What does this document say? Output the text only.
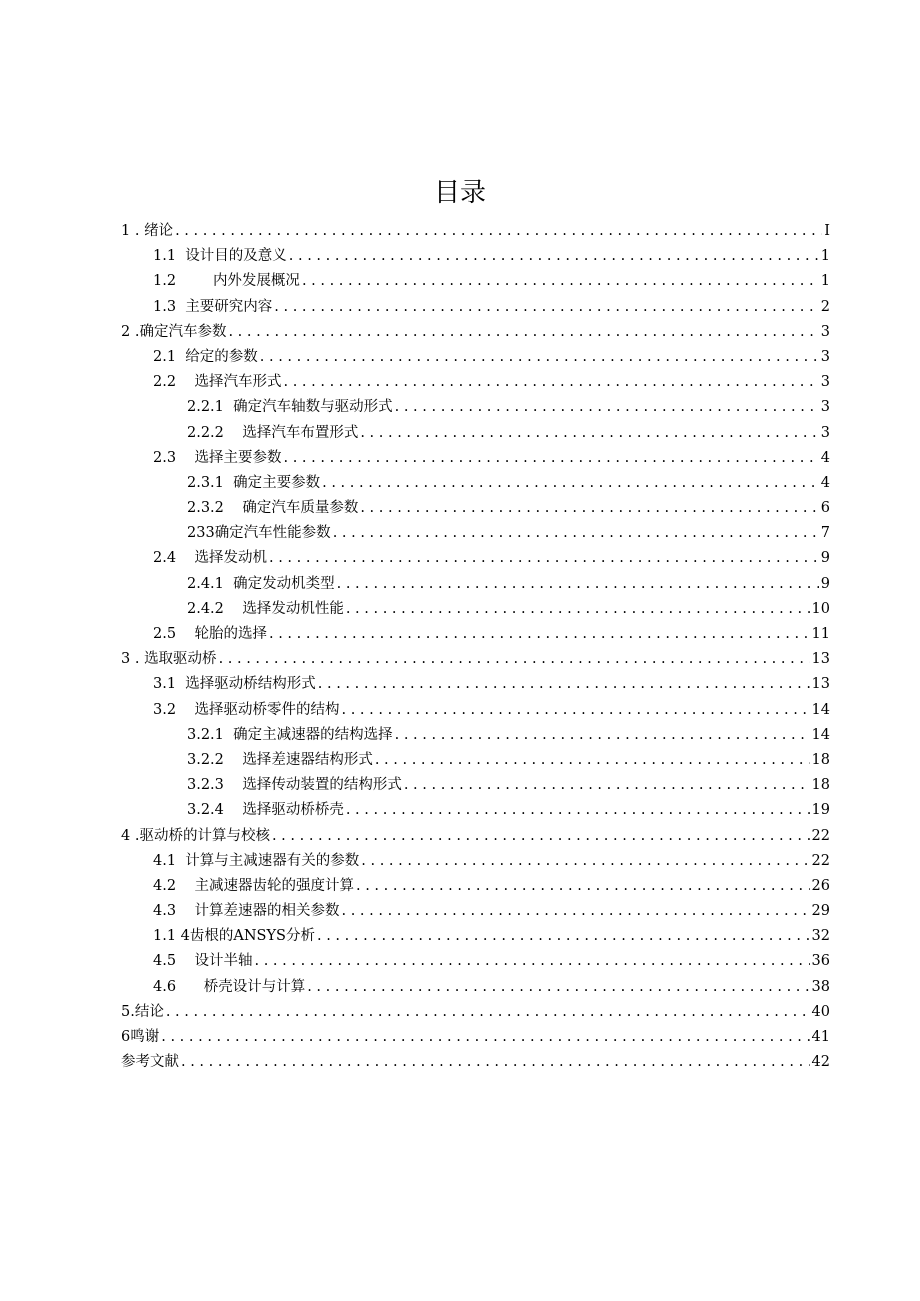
目录
1 . 绪论 . . .	I
1.1 设计目的及意义 . . .	1
1.2 内外发展概况 . . .	1
1.3 主要研究内容 . . .	2
2 . 确定汽车参数 . . .	3
2.1 给定的参数 . . .	3
2.2 选择汽车形式 . . .	3
2.2.1 确定汽车轴数与驱动形式 . . .	3
2.2.2 选择汽车布置形式 . . .	3
2.3 选择主要参数 . . .	4
2.3.1 确定主要参数 . . .	4
2.3.2 确定汽车质量参数 . . .	6
233 确定汽车性能参数 . . .	7
2.4 选择发动机 . . .	9
2.4.1 确定发动机类型 . . .	9
2.4.2 选择发动机性能 . . .	10
2.5 轮胎的选择 . . .	11
3 . 选取驱动桥 . . .	13
3.1 选择驱动桥结构形式 . . .	13
3.2 选择驱动桥零件的结构 . . .	14
3.2.1 确定主减速器的结构选择 . . .	14
3.2.2 选择差速器结构形式 . . .	18
3.2.3 选择传动装置的结构形式 . . .	18
3.2.4 选择驱动桥桥壳 . . .	19
4 . 驱动桥的计算与校核 . . .	22
4.1 计算与主减速器有关的参数 . . .	22
4.2 主减速器齿轮的强度计算 . . .	26
4.3 计算差速器的相关参数 . . .	29
1.1 4齿根的ANSYS分析 . . .	32
4.5 设计半轴 . . .	36
4.6 桥壳设计与计算 . . .	38
5. 结论 . . .	40
6 鸣谢 . . .	41
参考文献 . . .	42
